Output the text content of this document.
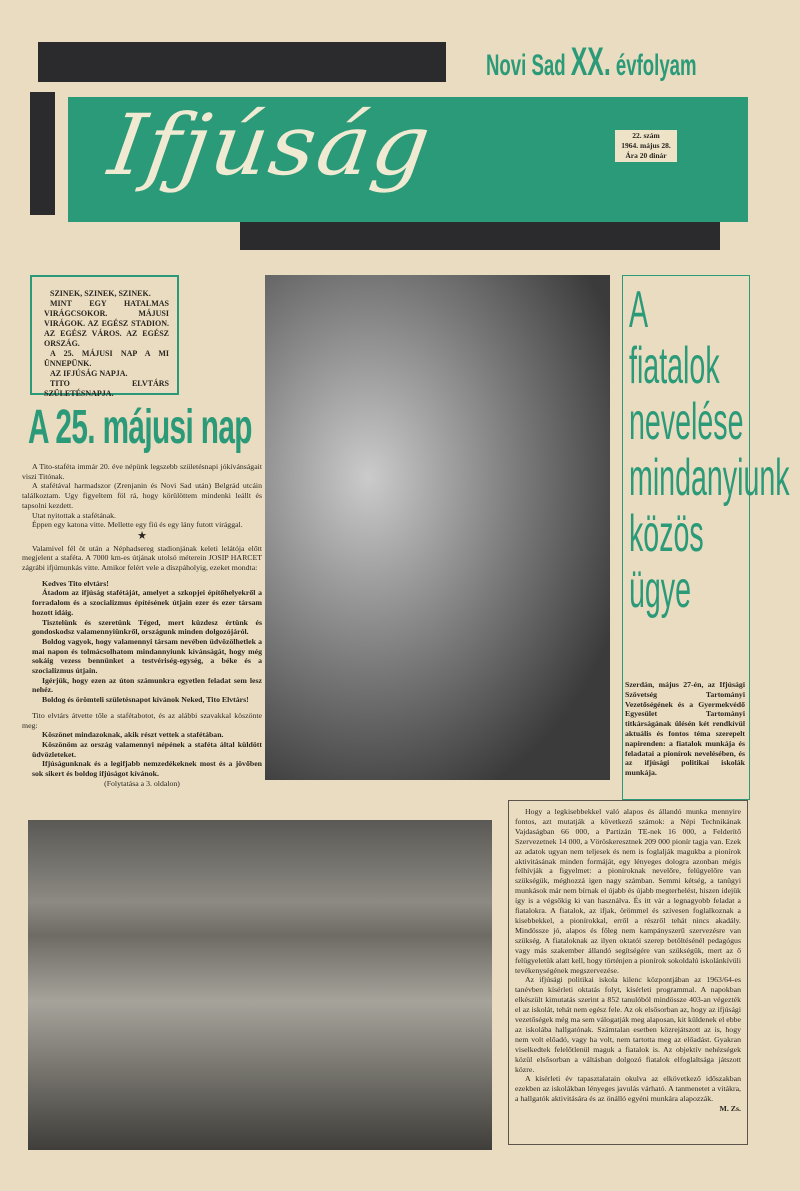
Novi Sad XX. évfolyam
Ifjúság	22. szám
1964. május 28.
Ára 20 dinár

SZINEK, SZINEK, SZINEK.

MINT EGY HATALMAS VIRÁGCSOKOR. MÁJUSI VIRÁGOK. AZ EGÉSZ STADION. AZ EGÉSZ VÁROS. AZ EGÉSZ ORSZÁG.

A 25. MÁJUSI NAP A MI ÜNNEPÜNK.

AZ IFJÚSÁG NAPJA.

TITO ELVTÁRS SZÜLETÉSNAPJA.

A 25. májusi nap

A Tito-staféta immár 20. éve népünk legszebb születésnapi jókívánságait viszi Titónak.

A stafétával harmadszor (Zrenjanin és Novi Sad után) Belgrád utcáin találkoztam. Ugy figyeltem föl rá, hogy körülöttem mindenki leállt és tapsolni kezdett.

Utat nyitottak a stafétának.

Éppen egy katona vitte. Mellette egy fiú és egy lány futott virággal.

★

Valamivel fél öt után a Néphadsereg stadionjának keleti lelátója előtt megjelent a staféta. A 7000 km-es útjának utolsó méterein JOSIP HARCET zágrábi ifjúmunkás vitte. Amikor felért vele a díszpáholyig, ezeket mondta:

Kedves Tito elvtárs!

Átadom az ifjúság stafétáját, amelyet a szkopjei építőhelyekről a forradalom és a szocializmus építésének útjain ezer és ezer társam hozott idáig.

Tisztelünk és szeretünk Téged, mert küzdesz értünk és gondoskodsz valamennyiünkről, országunk minden dolgozójáról.

Boldog vagyok, hogy valamennyi társam nevében üdvözölhetlek a mai napon és tolmácsolhatom mindannyiunk kívánságát, hogy még sokáig vezess bennünket a testvériség-egység, a béke és a szocializmus útjain.

Igérjük, hogy ezen az úton számunkra egyetlen feladat sem lesz nehéz.

Boldog és örömteli születésnapot kívánok Neked, Tito Elvtárs!

Tito elvtárs átvette tőle a stafétabotot, és az alábbi szavakkal köszönte meg:

Köszönet mindazoknak, akik részt vettek a stafétában.

Köszönöm az ország valamennyi népének a staféta által küldött üdvözleteket.

Ifjúságunknak és a legifjabb nemzedékeknek most és a jövőben sok sikert és boldog ifjúságot kívánok.

(Folytatása a 3. oldalon)
A fiatalok nevelése mindanyiunk közös ügye
Szerdán, május 27-én, az Ifjúsági Szövetség Tartományi Vezetőségének és a Gyermekvédő Egyesület Tartományi titkárságának ülésén két rendkívül aktuális és fontos téma szerepelt napirenden: a fiatalok munkája és feladatai a pionírok nevelésében, és az ifjúsági politikai iskolák munkája.

Hogy a legkisebbekkel való alapos és állandó munka mennyire fontos, azt mutatják a következő számok: a Népi Technikának Vajdaságban 66 000, a Partizán TE-nek 16 000, a Felderítő Szervezetnek 14 000, a Vöröskeresztnek 209 000 pionír tagja van. Ezek az adatok ugyan nem teljesek és nem is foglalják magukba a pionírok aktivitásának minden formáját, egy lényeges dologra azonban mégis felhívják a figyelmet: a pioníroknak nevelőre, felügyelőre van szükségük, méghozzá igen nagy számban. Semmi kétség, a tanügyi munkások már nem bírnak el újabb és újabb megterhelést, hiszen idejük így is a végsőkig ki van használva. És itt vár a legnagyobb feladat a fiatalokra. A fiatalok, az ifjak, örömmel és szívesen foglalkoznak a kisebbekkel, a pionírokkal, erről a részről tehát nincs akadály. Mindössze jó, alapos és főleg nem kampányszerű szervezésre van szükség. A fiataloknak az ilyen oktatói szerep betöltésénél pedagógus vagy más szakember állandó segítségére van szükségük, mert az ő felügyeletük alatt kell, hogy történjen a pionírok sokoldalú iskolánkívüli tevékenységének megszervezése.

Az ifjúsági politikai iskola kilenc központjában az 1963/64-es tanévben kísérleti oktatás folyt, kísérleti programmal. A napokban elkészült kimutatás szerint a 852 tanulóból mindössze 403-an végezték el az iskolát, tehát nem egész fele. Az ok elsősorban az, hogy az ifjúsági vezetőségek még ma sem válogatják meg alaposan, kit küldenek el ebbe az iskolába hallgatónak. Számtalan esetben közrejátszott az is, hogy nem volt előadó, vagy ha volt, nem tartotta meg az előadást. Gyakran viselkedtek felelőtlenül maguk a fiatalok is. Az objektív nehézségek közül elsősorban a váltásban dolgozó fiatalok elfoglaltsága játszott közre.

A kísérleti év tapasztalatain okulva az elkövetkező időszakban ezekben az iskolákban lényeges javulás várható. A tanmenetet a vitákra, a hallgatók aktivitására és az önálló egyéni munkára alapozzák.

M. Zs.
